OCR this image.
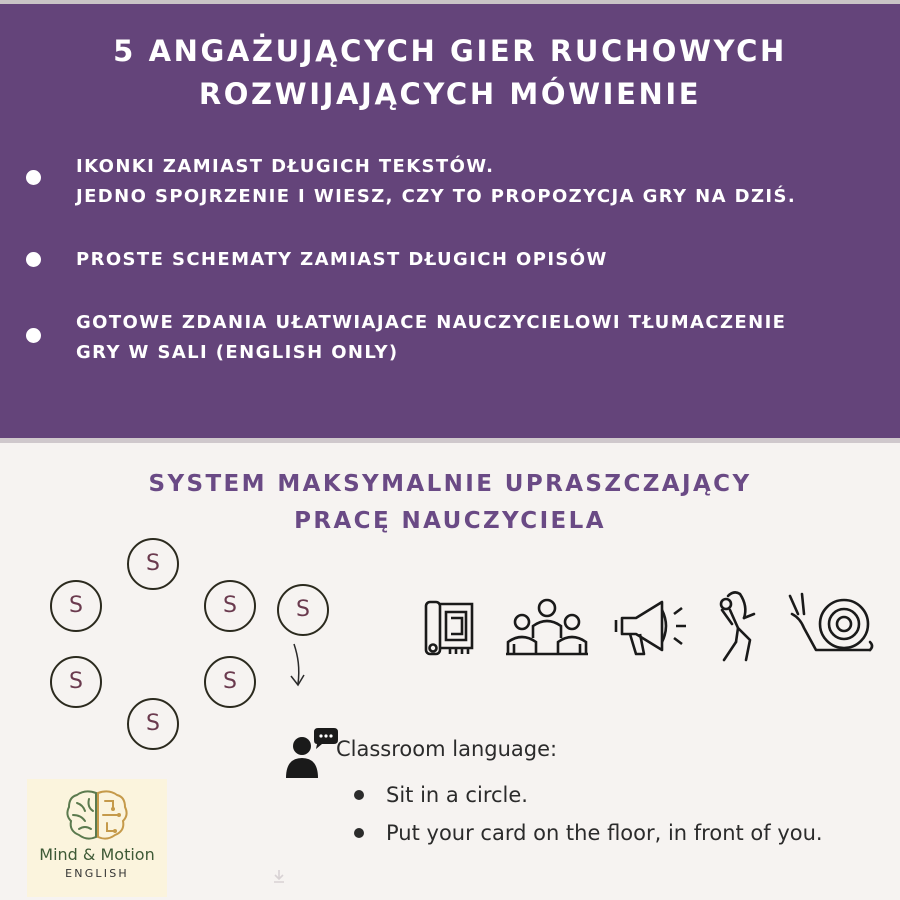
5 ANGAŻUJĄCYCH GIER RUCHOWYCH
ROZWIJAJĄCYCH MÓWIENIE
IKONKI ZAMIAST DŁUGICH TEKSTÓW.
JEDNO SPOJRZENIE I WIESZ, CZY TO PROPOZYCJA GRY NA DZIŚ.
PROSTE SCHEMATY ZAMIAST DŁUGICH OPISÓW
GOTOWE ZDANIA UŁATWIAJACE NAUCZYCIELOWI TŁUMACZENIE
GRY W SALI (ENGLISH ONLY)
SYSTEM MAKSYMALNIE UPRASZCZAJĄCY
PRACĘ NAUCZYCIELA
S
S	S	S
S	S
S
Classroom language:
Sit in a circle.
Put your card on the floor, in front of you.
Mind & Motion
ENGLISH
